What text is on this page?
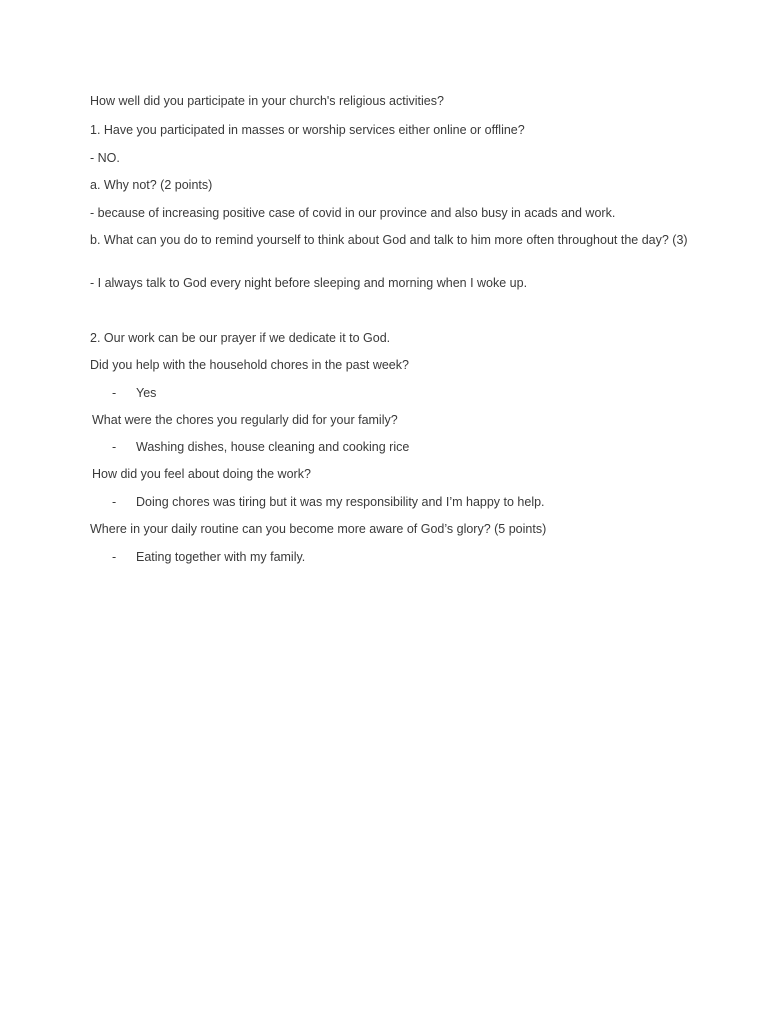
How well did you participate in your church's religious activities?
1. Have you participated in masses or worship services either online or offline?
- NO.
a. Why not? (2 points)
- because of increasing positive case of covid in our province and also busy in acads and work.
b. What can you do to remind yourself to think about God and talk to him more often throughout the day? (3)
- I always talk to God every night before sleeping and morning when I woke up.
2. Our work can be our prayer if we dedicate it to God.
Did you help with the household chores in the past week?
- Yes
What were the chores you regularly did for your family?
- Washing dishes, house cleaning and cooking rice
How did you feel about doing the work?
- Doing chores was tiring but it was my responsibility and I’m happy to help.
Where in your daily routine can you become more aware of God’s glory? (5 points)
- Eating together with my family.
